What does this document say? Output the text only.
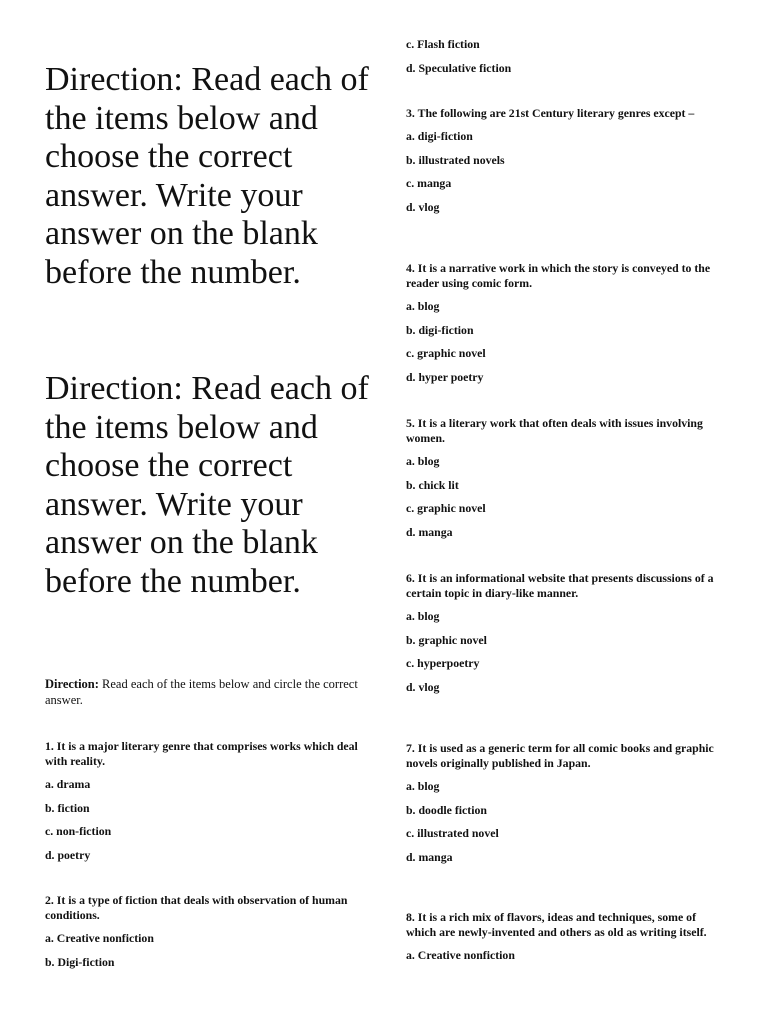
Direction: Read each of the items below and choose the correct answer. Write your answer on the blank before the number.

Direction: Read each of the items below and choose the correct answer. Write your answer on the blank before the number.

Direction: Read each of the items below and circle the correct answer.

1. It is a major literary genre that comprises works which deal with reality.

a. drama

b. fiction

c. non-fiction

d. poetry

2. It is a type of fiction that deals with observation of human conditions.

a. Creative nonfiction

b. Digi-fiction

c. Flash fiction

d. Speculative fiction

3. The following are 21st Century literary genres except –

a. digi-fiction

b. illustrated novels

c. manga

d. vlog

4. It is a narrative work in which the story is conveyed to the reader using comic form.

a. blog

b. digi-fiction

c. graphic novel

d. hyper poetry

5. It is a literary work that often deals with issues involving women.

a. blog

b. chick lit

c. graphic novel

d. manga

6. It is an informational website that presents discussions of a certain topic in diary-like manner.

a. blog

b. graphic novel

c. hyperpoetry

d. vlog

7. It is used as a generic term for all comic books and graphic novels originally published in Japan.

a. blog

b. doodle fiction

c. illustrated novel

d. manga

8. It is a rich mix of flavors, ideas and techniques, some of which are newly-invented and others as old as writing itself.

a. Creative nonfiction
